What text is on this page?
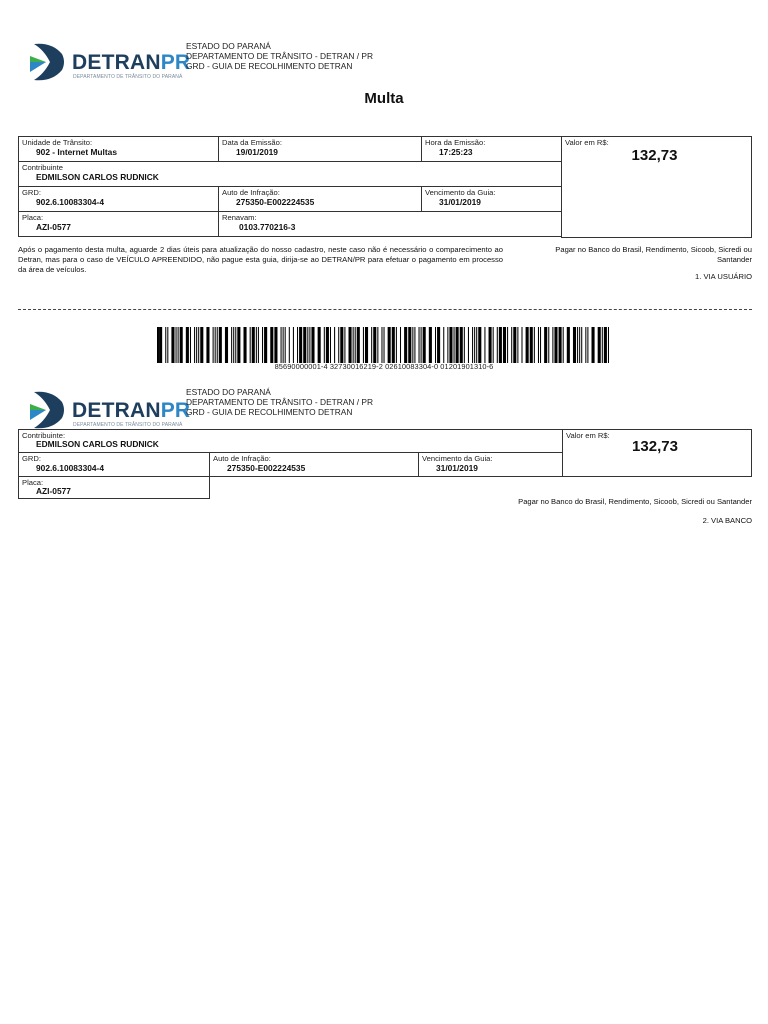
DETRANPR
DEPARTAMENTO DE TRÂNSITO DO PARANÁ
ESTADO DO PARANÁ
DEPARTAMENTO DE TRÂNSITO - DETRAN / PR
GRD - GUIA DE RECOLHIMENTO DETRAN
Multa
Unidade de Trânsito:
902 - Internet Multas
Data da Emissão:
19/01/2019
Hora da Emissão:
17:25:23
Valor em R$:
132,73
Contribuinte
EDMILSON CARLOS RUDNICK
GRD:
902.6.10083304-4
Auto de Infração:
275350-E002224535
Vencimento da Guia:
31/01/2019
Placa:
AZI-0577
Renavam:
0103.770216-3
Após o pagamento desta multa, aguarde 2 dias úteis para atualização do nosso cadastro, neste caso não é necessário o comparecimento ao Detran, mas para o caso de VEÍCULO APREENDIDO, não pague esta guia, dirija-se ao DETRAN/PR para efetuar o pagamento em processo da área de veículos.
Pagar no Banco do Brasil, Rendimento, Sicoob, Sicredi ou
Santander
1. VIA USUÁRIO
85690000001-4 32730016219-2 02610083304-0 01201901310-6
DETRANPR
DEPARTAMENTO DE TRÂNSITO DO PARANÁ
ESTADO DO PARANÁ
DEPARTAMENTO DE TRÂNSITO - DETRAN / PR
GRD - GUIA DE RECOLHIMENTO DETRAN
Contribuinte:
EDMILSON CARLOS RUDNICK
Valor em R$:
132,73
GRD:
902.6.10083304-4
Auto de Infração:
275350-E002224535
Vencimento da Guia:
31/01/2019
Placa:
AZI-0577
Pagar no Banco do Brasil, Rendimento, Sicoob, Sicredi ou Santander
2. VIA BANCO
